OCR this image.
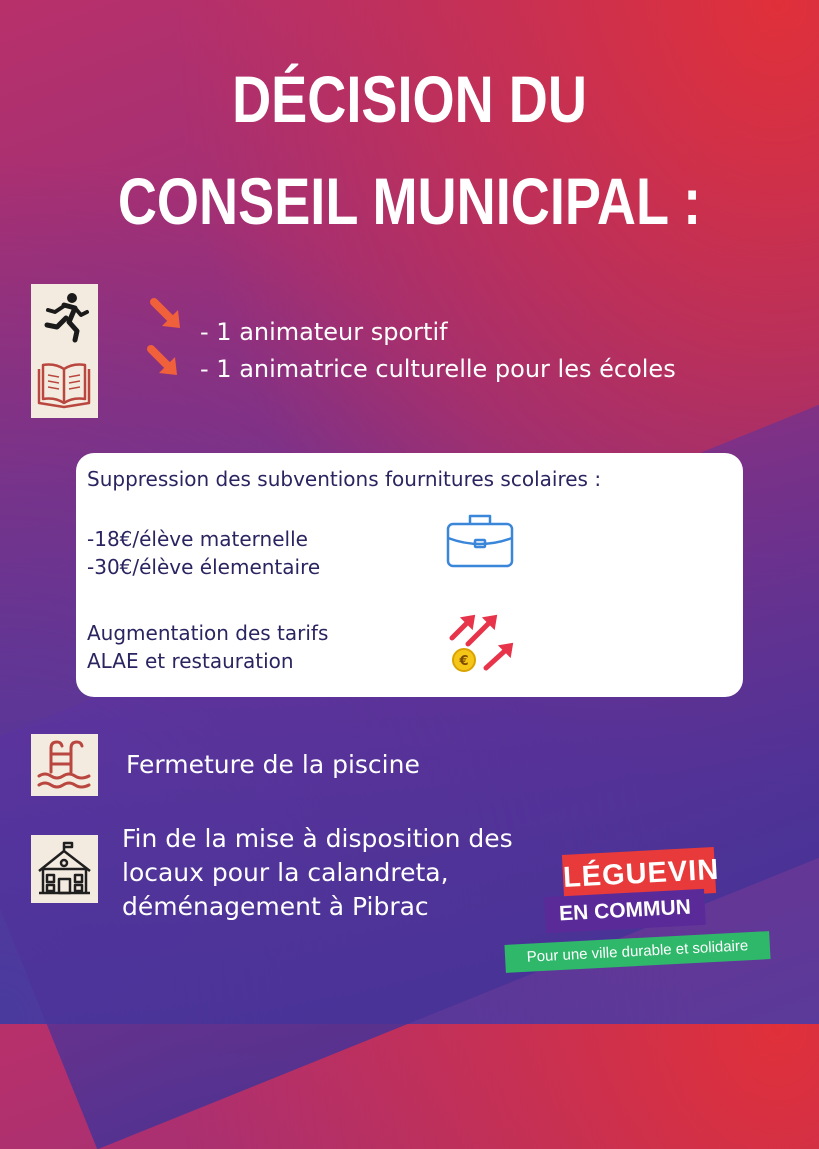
DÉCISION DU
CONSEIL MUNICIPAL :
- 1 animateur sportif
- 1 animatrice culturelle pour les écoles
Suppression des subventions fournitures scolaires :
-18€/élève maternelle
-30€/élève élementaire
Augmentation des tarifs
ALAE et restauration	€
Fermeture de la piscine
Fin de la mise à disposition des
locaux pour la calandreta,
déménagement à Pibrac
LÉGUEVIN
EN COMMUN
Pour une ville durable et solidaire
